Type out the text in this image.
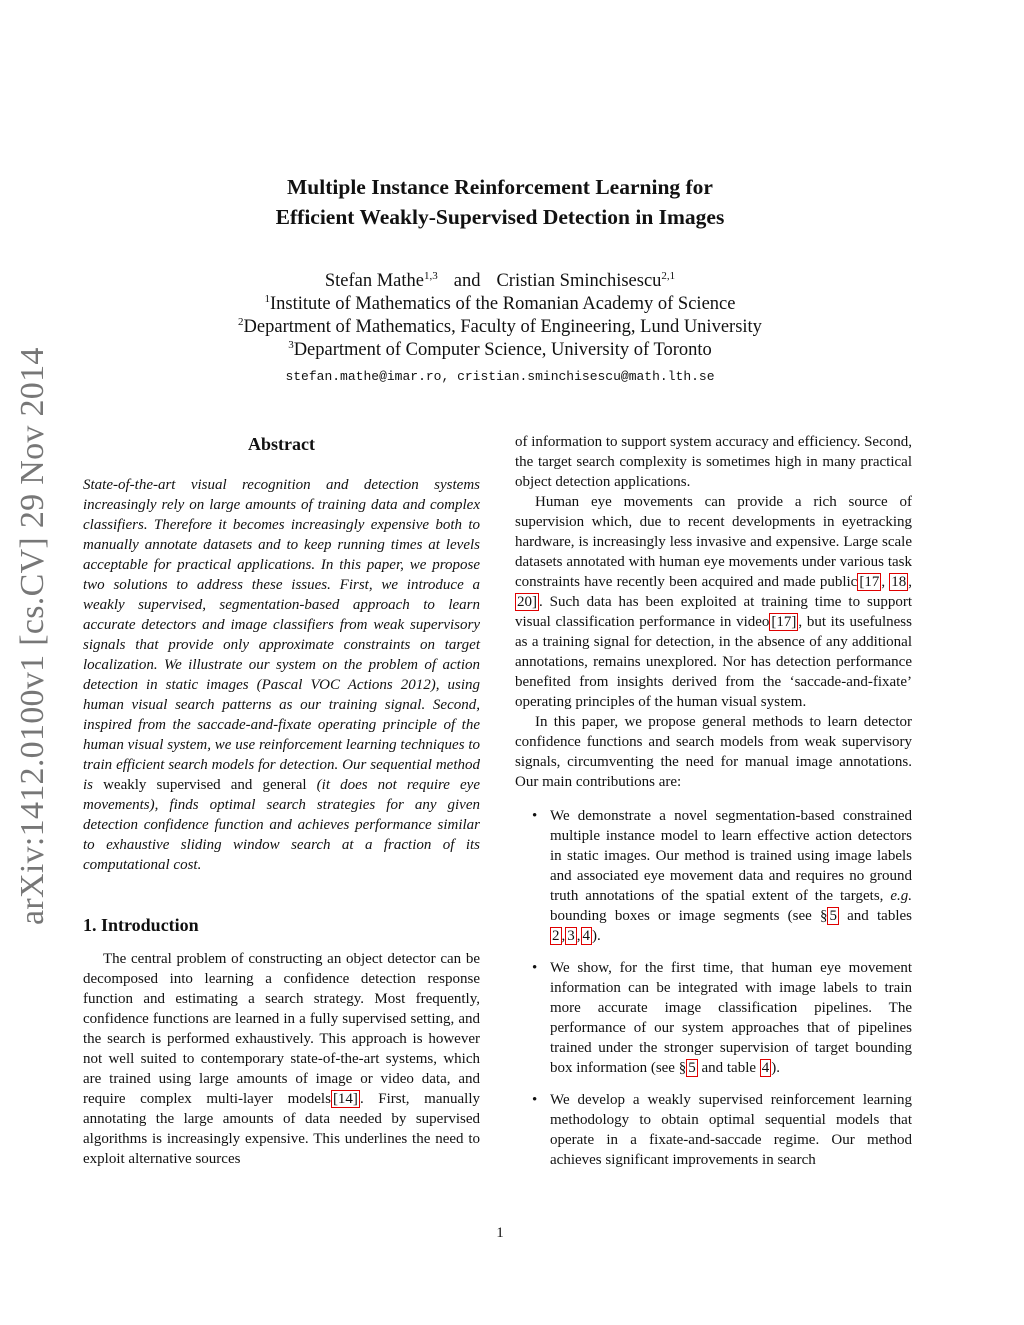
arXiv:1412.0100v1 [cs.CV] 29 Nov 2014
Multiple Instance Reinforcement Learning for
Efficient Weakly-Supervised Detection in Images
Stefan Mathe$^{1,3}$ and Cristian Sminchisescu$^{2,1}$
$^1$Institute of Mathematics of the Romanian Academy of Science
$^2$Department of Mathematics, Faculty of Engineering, Lund University
$^3$Department of Computer Science, University of Toronto
stefan.mathe@imar.ro, cristian.sminchisescu@math.lth.se
Abstract

State-of-the-art visual recognition and detection systems increasingly rely on large amounts of training data and complex classifiers. Therefore it becomes increasingly expensive both to manually annotate datasets and to keep running times at levels acceptable for practical applications. In this paper, we propose two solutions to address these issues. First, we introduce a weakly supervised, segmentation-based approach to learn accurate detectors and image classifiers from weak supervisory signals that provide only approximate constraints on target localization. We illustrate our system on the problem of action detection in static images (Pascal VOC Actions 2012), using human visual search patterns as our training signal. Second, inspired from the saccade-and-fixate operating principle of the human visual system, we use reinforcement learning techniques to train efficient search models for detection. Our sequential method is weakly supervised and general (it does not require eye movements), finds optimal search strategies for any given detection confidence function and achieves performance similar to exhaustive sliding window search at a fraction of its computational cost.

1. Introduction

The central problem of constructing an object detector can be decomposed into learning a confidence detection response function and estimating a search strategy. Most frequently, confidence functions are learned in a fully supervised setting, and the search is performed exhaustively. This approach is however not well suited to contemporary state-of-the-art systems, which are trained using large amounts of image or video data, and require complex multi-layer models [14] . First, manually annotating the large amounts of data needed by supervised algorithms is increasingly expensive. This underlines the need to exploit alternative sources

of information to support system accuracy and efficiency. Second, the target search complexity is sometimes high in many practical object detection applications.

Human eye movements can provide a rich source of supervision which, due to recent developments in eyetracking hardware, is increasingly less invasive and expensive. Large scale datasets annotated with human eye movements under various task constraints have recently been acquired and made public [17 , 18 , 20] . Such data has been exploited at training time to support visual classification performance in video [17] , but its usefulness as a training signal for detection, in the absence of any additional annotations, remains unexplored. Nor has detection performance benefited from insights derived from the ‘saccade-and-fixate’ operating principles of the human visual system.

In this paper, we propose general methods to learn detector confidence functions and search models from weak supervisory signals, circumventing the need for manual image annotations. Our main contributions are:

• We demonstrate a novel segmentation-based constrained multiple instance model to learn effective action detectors in static images. Our method is trained using image labels and associated eye movement data and requires no ground truth annotations of the spatial extent of the targets, e.g. bounding boxes or image segments (see § 5 and tables 2 , 3 , 4 ).
• We show, for the first time, that human eye movement information can be integrated with image labels to train more accurate image classification pipelines. The performance of our system approaches that of pipelines trained under the stronger supervision of target bounding box information (see § 5 and table 4 ).
• We develop a weakly supervised reinforcement learning methodology to obtain optimal sequential models that operate in a fixate-and-saccade regime. Our method achieves significant improvements in search
1
